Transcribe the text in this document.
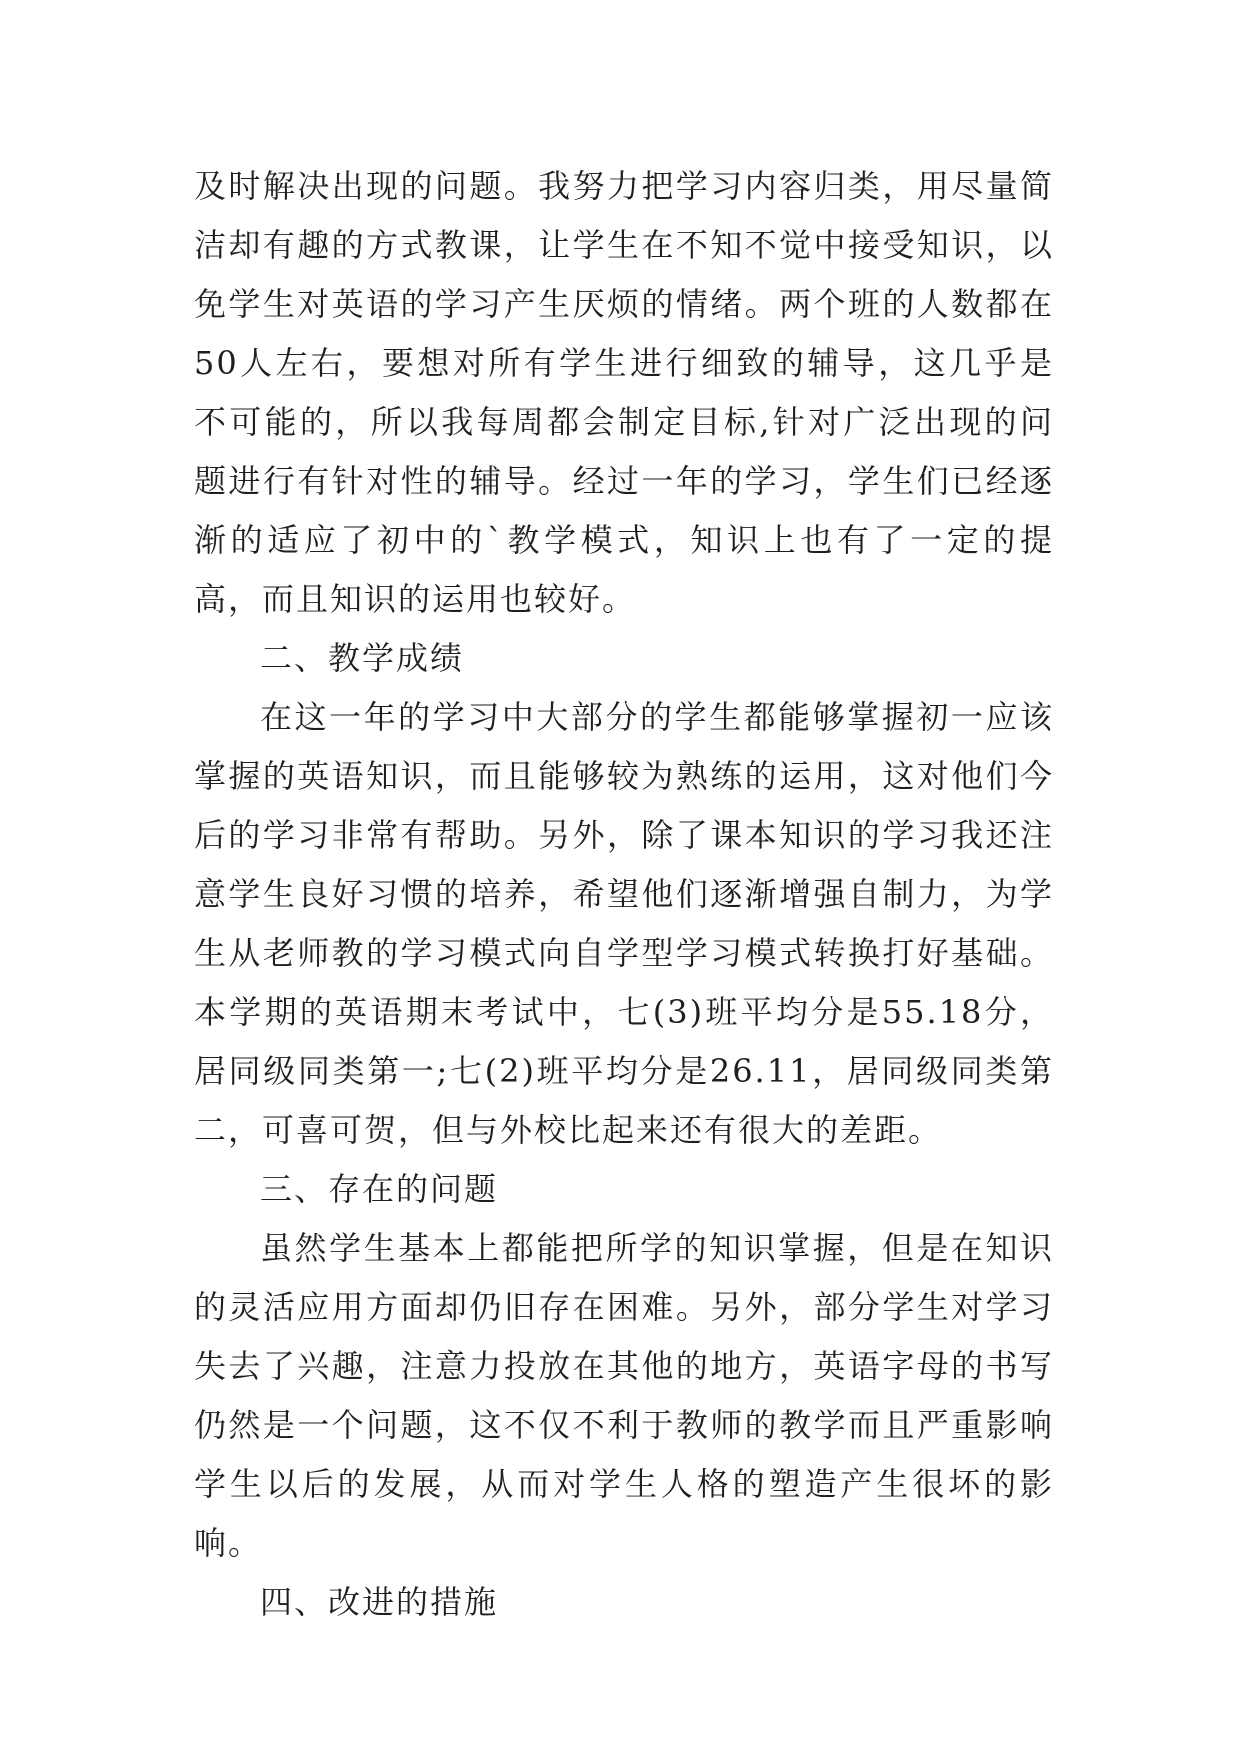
及时解决出现的问题。我努力把学习内容归类，用尽量简洁却有趣的方式教课，让学生在不知不觉中接受知识，以免学生对英语的学习产生厌烦的情绪。两个班的人数都在50人左右，要想对所有学生进行细致的辅导，这几乎是不可能的，所以我每周都会制定目标,针对广泛出现的问题进行有针对性的辅导。经过一年的学习，学生们已经逐渐的适应了初中的`教学模式，知识上也有了一定的提高，而且知识的运用也较好。

二、教学成绩

在这一年的学习中大部分的学生都能够掌握初一应该掌握的英语知识，而且能够较为熟练的运用，这对他们今后的学习非常有帮助。另外，除了课本知识的学习我还注意学生良好习惯的培养，希望他们逐渐增强自制力，为学生从老师教的学习模式向自学型学习模式转换打好基础。本学期的英语期末考试中，七(3)班平均分是55.18分，居同级同类第一;七(2)班平均分是26.11，居同级同类第二，可喜可贺，但与外校比起来还有很大的差距。

三、存在的问题

虽然学生基本上都能把所学的知识掌握，但是在知识的灵活应用方面却仍旧存在困难。另外，部分学生对学习失去了兴趣，注意力投放在其他的地方，英语字母的书写仍然是一个问题，这不仅不利于教师的教学而且严重影响学生以后的发展，从而对学生人格的塑造产生很坏的影响。

四、改进的措施
